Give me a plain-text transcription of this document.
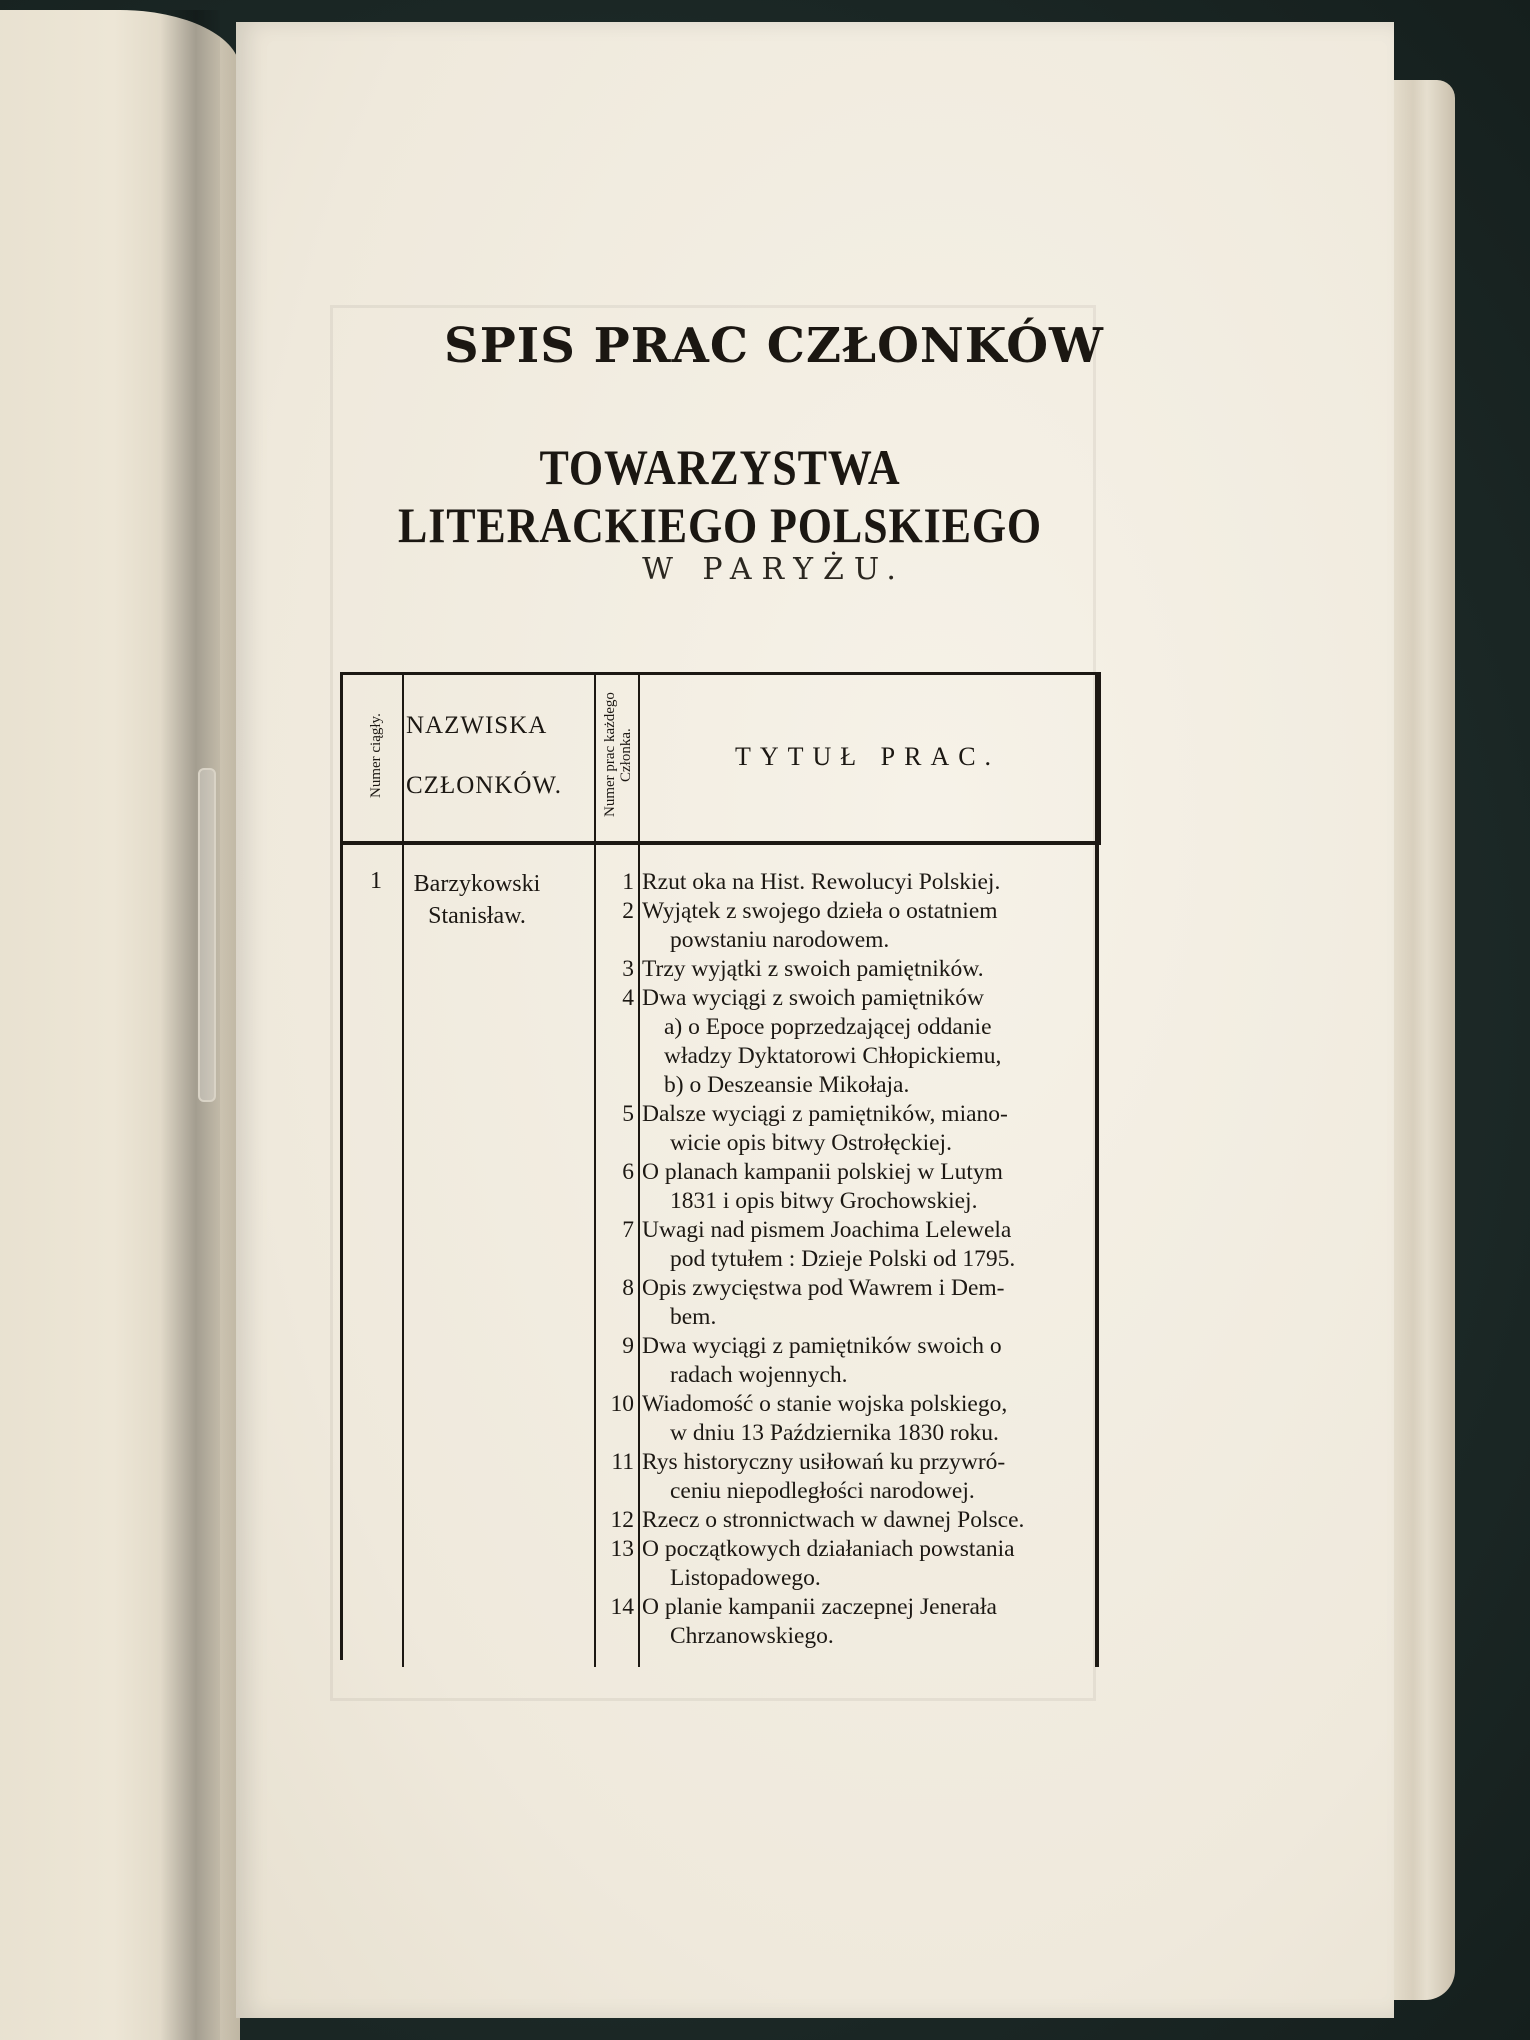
SPIS PRAC CZŁONKÓW
TOWARZYSTWA LITERACKIEGO POLSKIEGO
W PARYŻU.
Numer ciągły. NAZWISKA
CZŁONKÓW.	Numer prac każdego Członka.	TYTUŁ PRAC.
1 Barzykowski
Stanisław.
1 Rzut oka na Hist. Rewolucyi Polskiej.
2 Wyjątek z swojego dzieła o ostatniem
powstaniu narodowem.
3 Trzy wyjątki z swoich pamiętników.
4 Dwa wyciągi z swoich pamiętników
a) o Epoce poprzedzającej oddanie
władzy Dyktatorowi Chłopickiemu,
b) o Deszeansie Mikołaja.
5 Dalsze wyciągi z pamiętników, miano-
wicie opis bitwy Ostrołęckiej.
6 O planach kampanii polskiej w Lutym
1831 i opis bitwy Grochowskiej.
7 Uwagi nad pismem Joachima Lelewela
pod tytułem : Dzieje Polski od 1795.
8 Opis zwycięstwa pod Wawrem i Dem-
bem.
9 Dwa wyciągi z pamiętników swoich o
radach wojennych.
10 Wiadomość o stanie wojska polskiego,
w dniu 13 Października 1830 roku.
11 Rys historyczny usiłowań ku przywró-
ceniu niepodległości narodowej.
12 Rzecz o stronnictwach w dawnej Polsce.
13 O początkowych działaniach powstania
Listopadowego.
14 O planie kampanii zaczepnej Jenerała
Chrzanowskiego.
